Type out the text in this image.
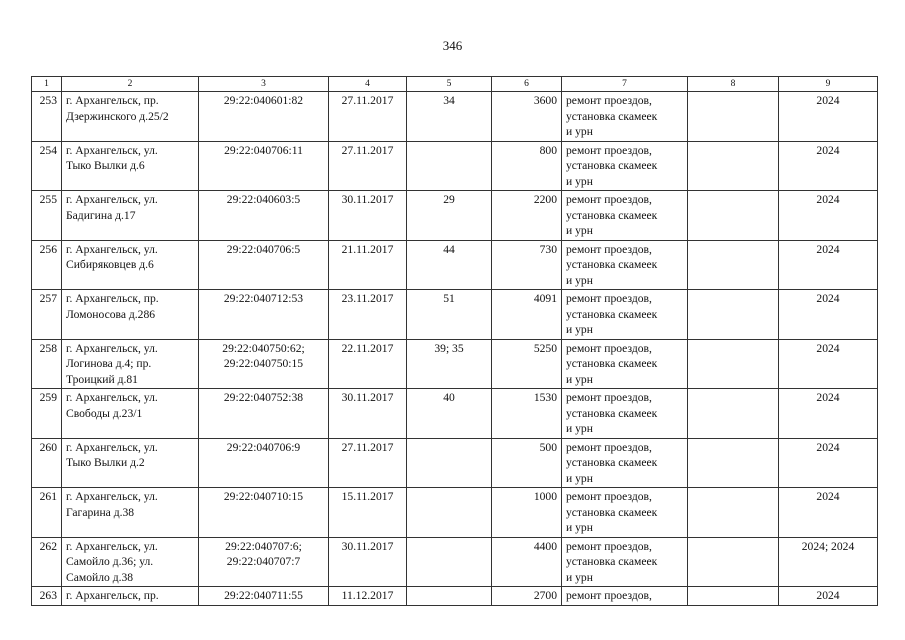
346
1	2	3	4	5	6	7	8	9
253	г. Архангельск, пр.
Дзержинского д.25/2	29:22:040601:82	27.11.2017	34	3600	ремонт проездов,
установка скамеек
и урн		2024
254	г. Архангельск, ул.
Тыко Вылки д.6	29:22:040706:11	27.11.2017		800	ремонт проездов,
установка скамеек
и урн		2024
255	г. Архангельск, ул.
Бадигина д.17	29:22:040603:5	30.11.2017	29	2200	ремонт проездов,
установка скамеек
и урн		2024
256	г. Архангельск, ул.
Сибиряковцев д.6	29:22:040706:5	21.11.2017	44	730	ремонт проездов,
установка скамеек
и урн		2024
257	г. Архангельск, пр.
Ломоносова д.286	29:22:040712:53	23.11.2017	51	4091	ремонт проездов,
установка скамеек
и урн		2024
258	г. Архангельск, ул.
Логинова д.4; пр.
Троицкий д.81	29:22:040750:62;
29:22:040750:15	22.11.2017	39; 35	5250	ремонт проездов,
установка скамеек
и урн		2024
259	г. Архангельск, ул.
Свободы д.23/1	29:22:040752:38	30.11.2017	40	1530	ремонт проездов,
установка скамеек
и урн		2024
260	г. Архангельск, ул.
Тыко Вылки д.2	29:22:040706:9	27.11.2017		500	ремонт проездов,
установка скамеек
и урн		2024
261	г. Архангельск, ул.
Гагарина д.38	29:22:040710:15	15.11.2017		1000	ремонт проездов,
установка скамеек
и урн		2024
262	г. Архангельск, ул.
Самойло д.36; ул.
Самойло д.38	29:22:040707:6;
29:22:040707:7	30.11.2017		4400	ремонт проездов,
установка скамеек
и урн		2024; 2024
263	г. Архангельск, пр.	29:22:040711:55	11.12.2017		2700	ремонт проездов,		2024
